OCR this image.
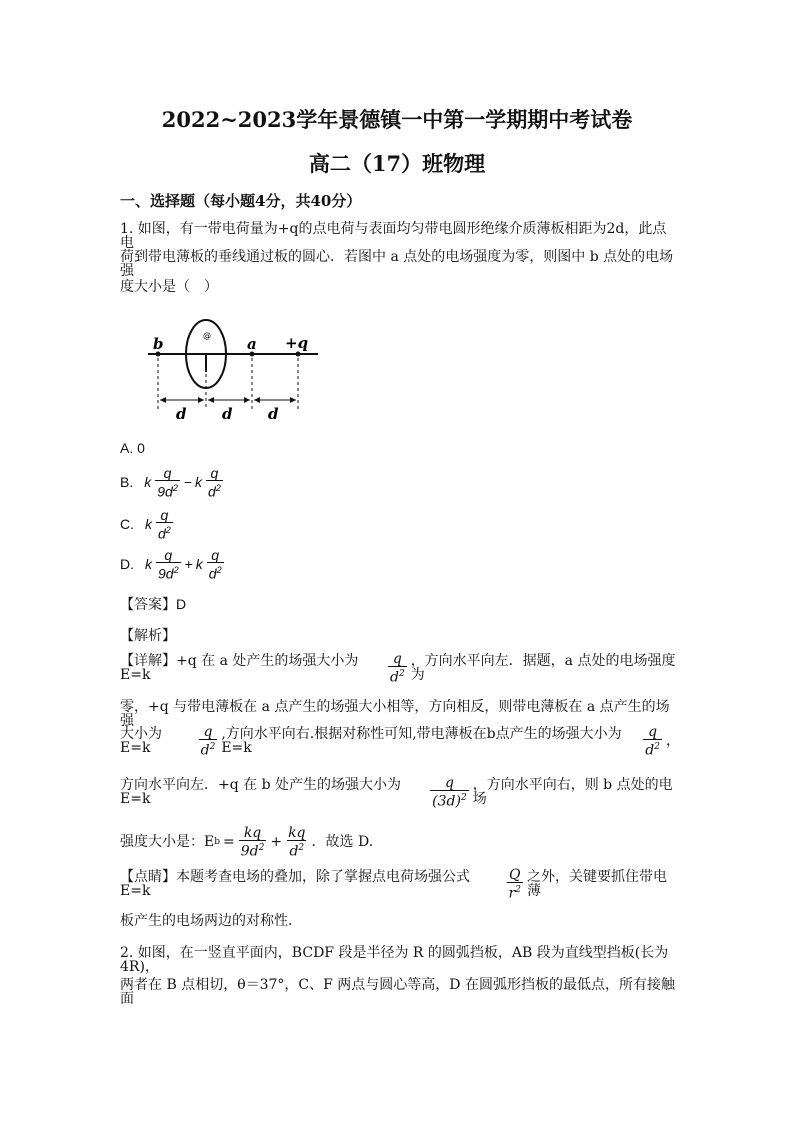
2022~2023学年景德镇一中第一学期期中考试卷
高二（17）班物理
一、选择题（每小题4分，共40分）
1. 如图，有一带电荷量为+q的点电荷与表面均匀带电圆形绝缘介质薄板相距为2d，此点电
荷到带电薄板的垂线通过板的圆心．若图中 a 点处的电场强度为零，则图中 b 点处的电场强
度大小是（　）
b	a +q
@
d d d
A. 0
B. k $\frac{q}{9d^2} - k \frac{q}{d^2}$
C. k $\frac{q}{d^2}$
D. k $\frac{q}{9d^2} + k \frac{q}{d^2}$
【答案】D
【解析】
【详解】+q 在 a 处产生的场强大小为 E=k	$\frac{q}{d^2}$ ，方向水平向左．据题，a 点处的电场强度为
零，+q 与带电薄板在 a 点产生的场强大小相等，方向相反，则带电薄板在 a 点产生的场强
大小为 E=k	$\frac{q}{d^2}$ ,方向水平向右.根据对称性可知,带电薄板在b点产生的场强大小为E=k	$\frac{q}{d^2}$ ，
方向水平向左．+q 在 b 处产生的场强大小为 E=k	$\frac{q}{(3d)^2}$ ，方向水平向右，则 b 点处的电场
强度大小是：E $b = \frac{kq}{9d^2} + \frac{kq}{d^2}$ ．故选 D.
【点睛】本题考查电场的叠加，除了掌握点电荷场强公式 E=k	$\frac{Q}{r^2}$ 之外，关键要抓住带电薄
板产生的电场两边的对称性．
2. 如图，在一竖直平面内，BCDF 段是半径为 R 的圆弧挡板，AB 段为直线型挡板(长为 4R)，
两者在 B 点相切，θ＝37°，C、F 两点与圆心等高，D 在圆弧形挡板的最低点，所有接触面
